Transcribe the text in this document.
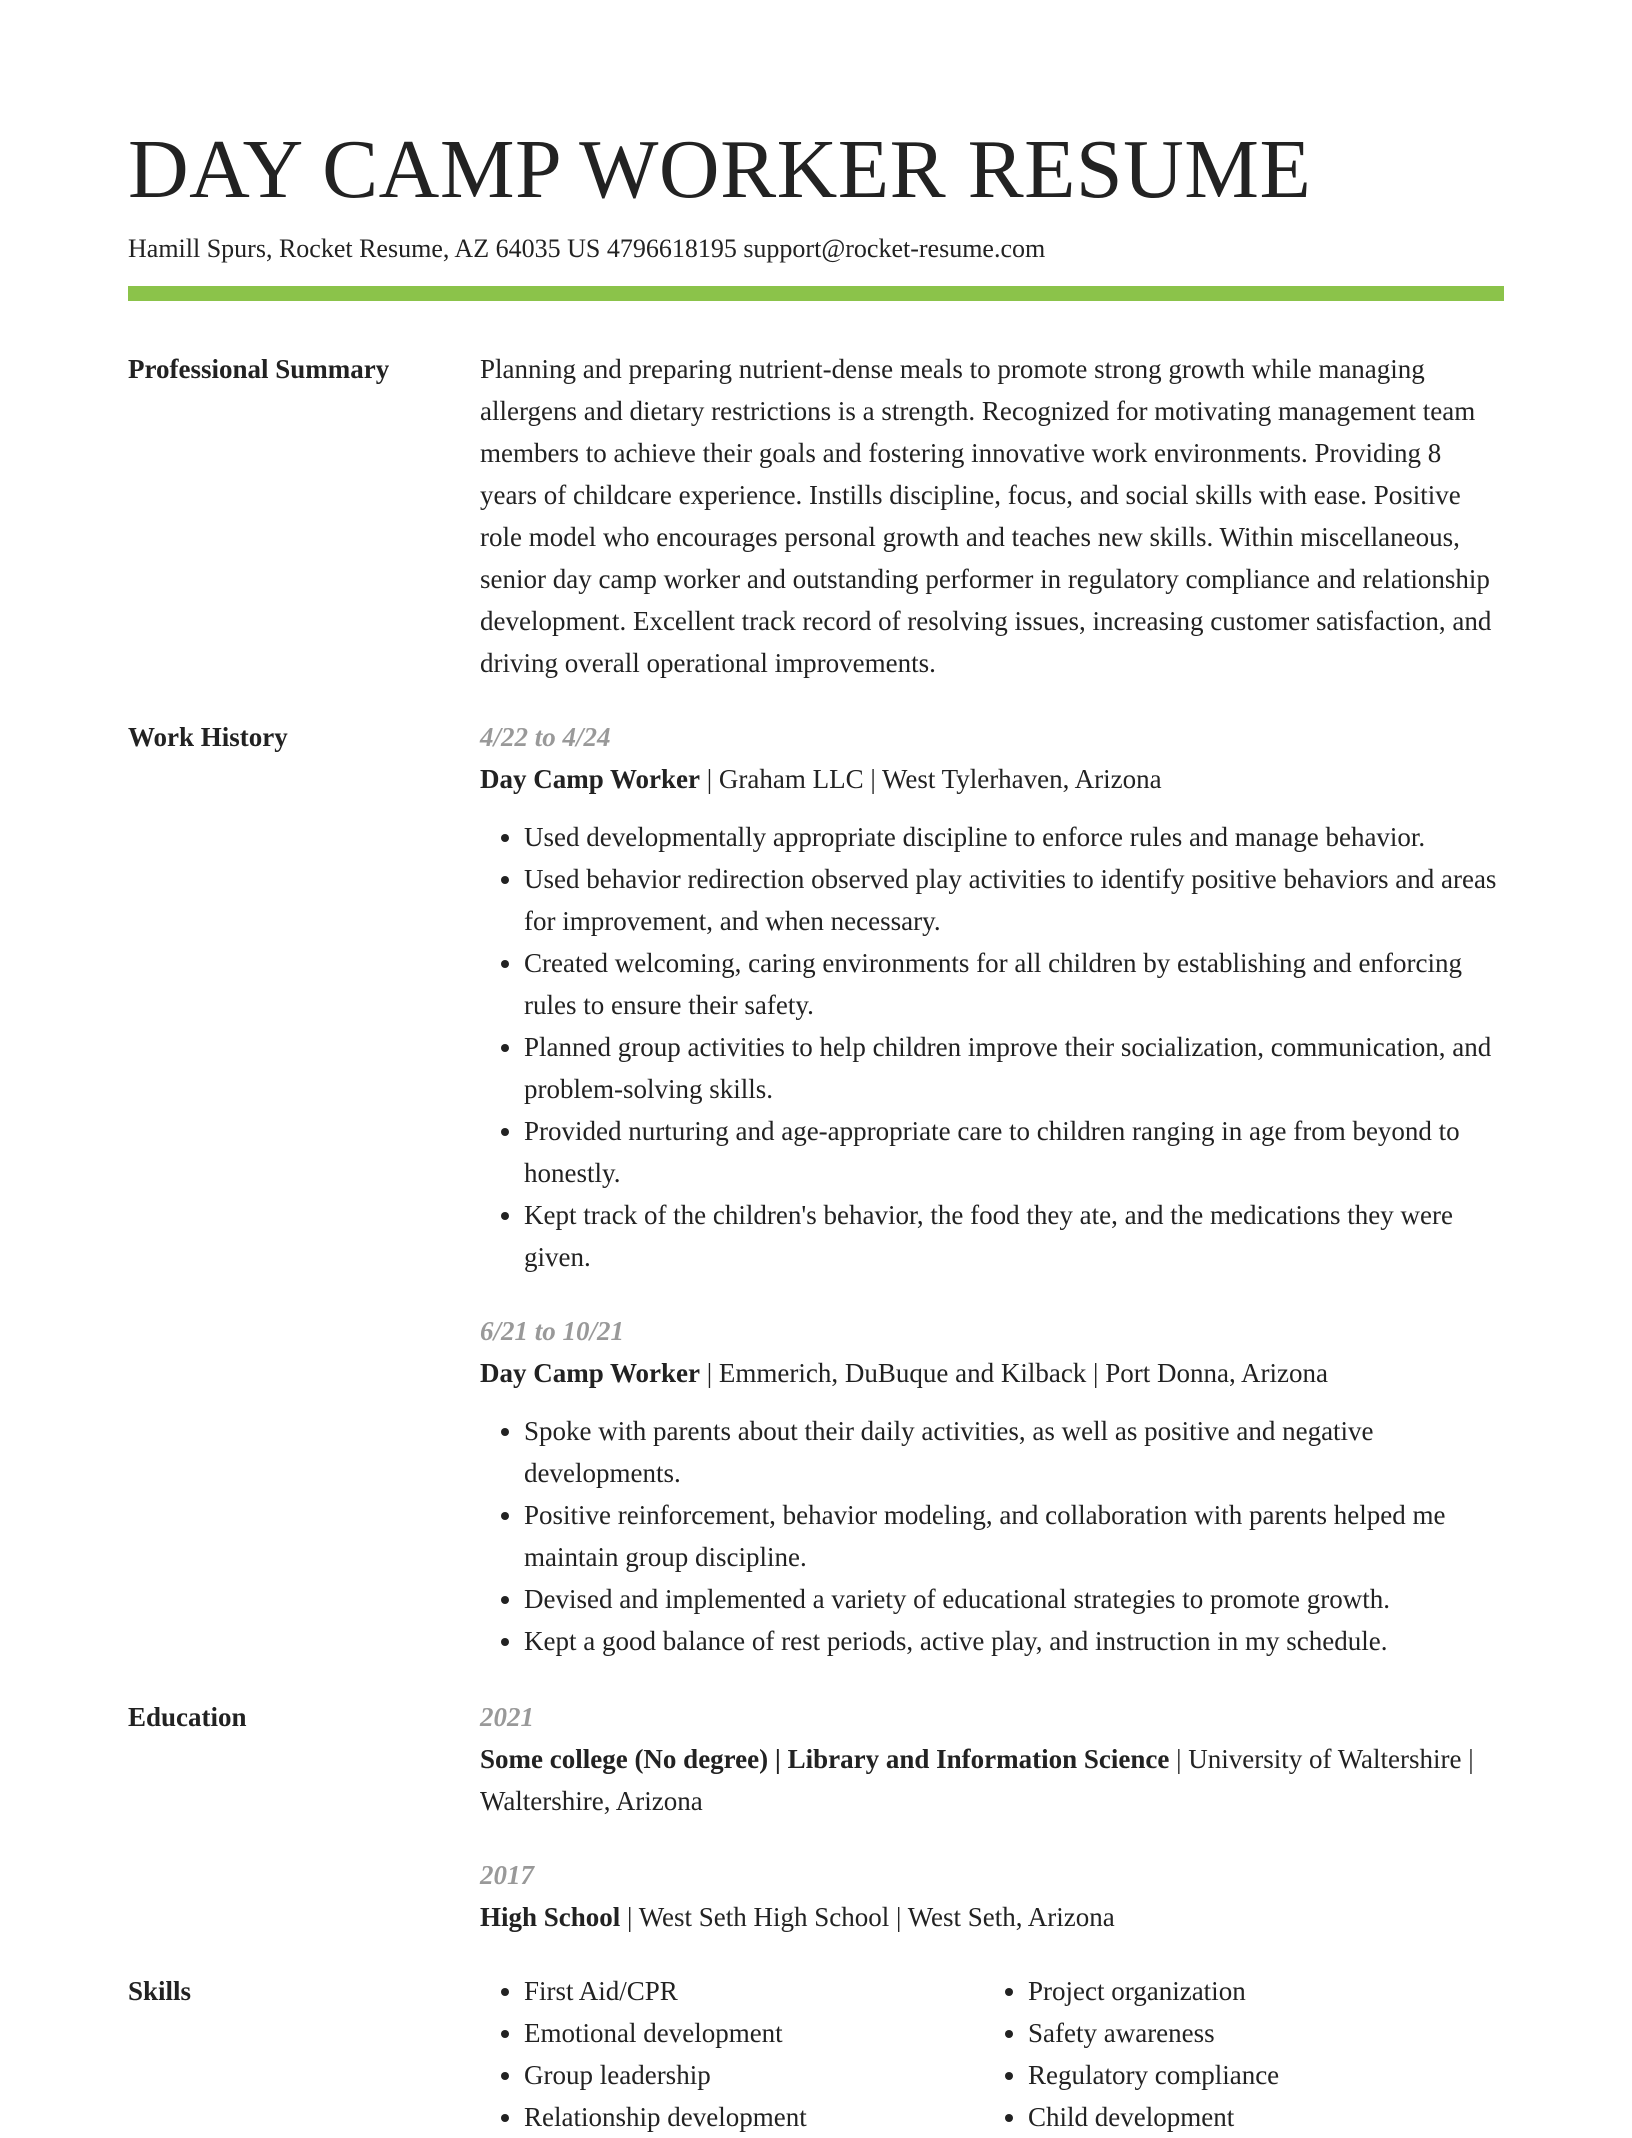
DAY CAMP WORKER RESUME
Hamill Spurs, Rocket Resume, AZ 64035 US 4796618195 support@rocket-resume.com
Professional Summary	Planning and preparing nutrient-dense meals to promote strong growth while managing allergens and dietary restrictions is a strength. Recognized for motivating management team members to achieve their goals and fostering innovative work environments. Providing 8 years of childcare experience. Instills discipline, focus, and social skills with ease. Positive role model who encourages personal growth and teaches new skills. Within miscellaneous, senior day camp worker and outstanding performer in regulatory compliance and relationship development. Excellent track record of resolving issues, increasing customer satisfaction, and driving overall operational improvements.

Work History	4/22 to 4/24
Day Camp Worker | Graham LLC | West Tylerhaven, Arizona
• Used developmentally appropriate discipline to enforce rules and manage behavior.
• Used behavior redirection observed play activities to identify positive behaviors and areas for improvement, and when necessary.
• Created welcoming, caring environments for all children by establishing and enforcing rules to ensure their safety.
• Planned group activities to help children improve their socialization, communication, and problem-solving skills.
• Provided nurturing and age-appropriate care to children ranging in age from beyond to honestly.
• Kept track of the children's behavior, the food they ate, and the medications they were given.
6/21 to 10/21
Day Camp Worker | Emmerich, DuBuque and Kilback | Port Donna, Arizona
• Spoke with parents about their daily activities, as well as positive and negative developments.
• Positive reinforcement, behavior modeling, and collaboration with parents helped me maintain group discipline.
• Devised and implemented a variety of educational strategies to promote growth.
• Kept a good balance of rest periods, active play, and instruction in my schedule.
Education	2021
Some college (No degree) | Library and Information Science | University of Waltershire | Waltershire, Arizona
2017
High School | West Seth High School | West Seth, Arizona
Skills
•	First Aid/CPR
• Emotional development
• Group leadership
• Relationship development
• Project organization
• Safety awareness
• Regulatory compliance
• Child development
